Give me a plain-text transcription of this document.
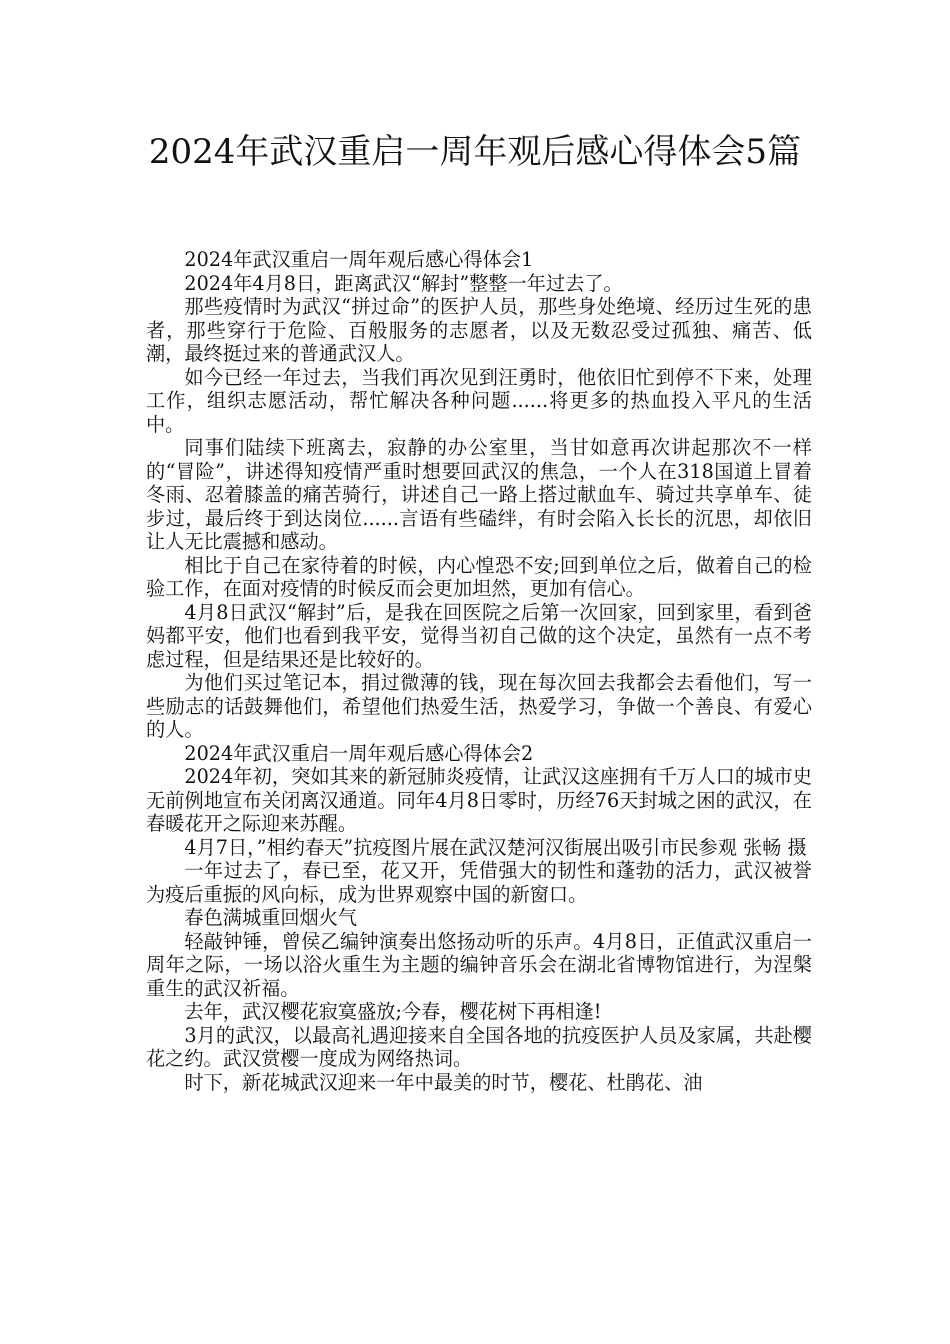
2024年武汉重启一周年观后感心得体会5篇

2024年武汉重启一周年观后感心得体会1

2024年4月8日，距离武汉“解封”整整一年过去了。

那些疫情时为武汉“拼过命”的医护人员，那些身处绝境、经历过生死的患者，那些穿行于危险、百般服务的志愿者，以及无数忍受过孤独、痛苦、低潮，最终挺过来的普通武汉人。

如今已经一年过去，当我们再次见到汪勇时，他依旧忙到停不下来，处理工作，组织志愿活动，帮忙解决各种问题......将更多的热血投入平凡的生活中。

同事们陆续下班离去，寂静的办公室里，当甘如意再次讲起那次不一样的“冒险”，讲述得知疫情严重时想要回武汉的焦急，一个人在318国道上冒着冬雨、忍着膝盖的痛苦骑行，讲述自己一路上搭过献血车、骑过共享单车、徒步过，最后终于到达岗位......言语有些磕绊，有时会陷入长长的沉思，却依旧让人无比震撼和感动。

相比于自己在家待着的时候，内心惶恐不安;回到单位之后，做着自己的检验工作，在面对疫情的时候反而会更加坦然，更加有信心。

4月8日武汉“解封”后，是我在回医院之后第一次回家，回到家里，看到爸妈都平安，他们也看到我平安，觉得当初自己做的这个决定，虽然有一点不考虑过程，但是结果还是比较好的。

为他们买过笔记本，捐过微薄的钱，现在每次回去我都会去看他们，写一些励志的话鼓舞他们，希望他们热爱生活，热爱学习，争做一个善良、有爱心的人。

2024年武汉重启一周年观后感心得体会2

2024年初，突如其来的新冠肺炎疫情，让武汉这座拥有千万人口的城市史无前例地宣布关闭离汉通道。同年4月8日零时，历经76天封城之困的武汉，在春暖花开之际迎来苏醒。

4月7日，”相约春天”抗疫图片展在武汉楚河汉街展出吸引市民参观 张畅 摄

一年过去了，春已至，花又开，凭借强大的韧性和蓬勃的活力，武汉被誉为疫后重振的风向标，成为世界观察中国的新窗口。

春色满城重回烟火气

轻敲钟锤，曾侯乙编钟演奏出悠扬动听的乐声。4月8日，正值武汉重启一周年之际，一场以浴火重生为主题的编钟音乐会在湖北省博物馆进行，为涅槃重生的武汉祈福。

去年，武汉樱花寂寞盛放;今春，樱花树下再相逢!

3月的武汉，以最高礼遇迎接来自全国各地的抗疫医护人员及家属，共赴樱花之约。武汉赏樱一度成为网络热词。

时下，新花城武汉迎来一年中最美的时节，樱花、杜鹃花、油
